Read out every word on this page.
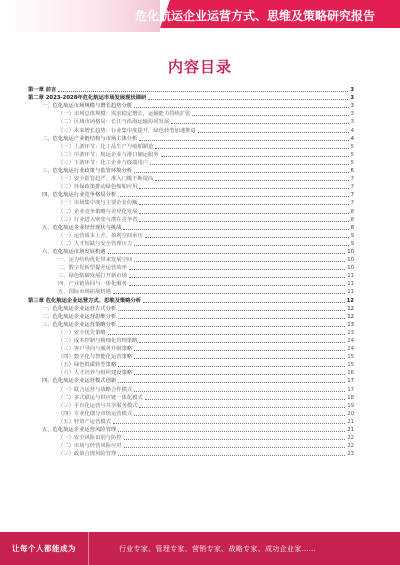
危化航运企业运营方式、思维及策略研究报告
内容目录
第一章 前言	3
第二章 2023-2028年危化航运市场发展现状调研	3
一、危化航运市场规模与增长趋势分析	3
（一）市场总体规模：需求稳定增长，运输能力持续扩张	3
（二）区域市场格局：长江与沿海运输协同发展	3
（三）未来增长趋势：行业集中度提升，绿色转型加速推进	4
二、危化航运产业链结构与市场主体分析	4
（一）上游环节：化工品生产与船舶制造	5
（二）中游环节：航运企业与港口储运服务	5
（三）下游环节：化工企业与终端用户	5
三、危化航运行业政策与监管环境分析	6
（一）安全监管趋严，准入门槛不断提高	7
（二）环保政策推动绿色船舶应用	7
四、危化航运行业竞争格局分析	7
（一）市场集中度与主要企业份额	7
（二）企业竞争策略与差异化发展	8
（三）行业进入壁垒与潜在竞争者	8
五、危化航运企业经营现状与挑战	8
（一）运营成本上升，盈利空间承压	9
（二）人才短缺与安全管理压力	9
六、危化航运市场发展机遇	10
一、运力结构优化带来发展空间	10
二、数字化转型提升运营效率	10
三、绿色低碳发展打开新市场	11
四、产业链协同与一体化服务	11
五、国际市场拓展机遇	11
第三章 危化航运企业运营方式、思维及策略分析	12
一、危化航运企业运营方式分析	12
二、危化航运企业运营思维分析	12
三、危化航运企业运营策略分析	13
（一）安全优先策略	13
（二）成本控制与精细化管理策略	14
（三）客户导向与服务升级策略	14
（四）数字化与智能化运营策略	15
（五）绿色低碳转型策略	15
（六）人才培养与组织建设策略	16
四、危化航运企业运营模式创新	17
（一）联合运营与战略合作模式	17
（二）多式联运与供应链一体化模式	18
（三）平台化运营与共享服务模式	19
（四）专业化细分市场运营模式	20
（五）轻资产运营模式	21
五、危化航运企业运营风险管理	21
（一）安全风险识别与防控	22
（二）市场与经营风险应对	22
（三）政策合规风险管理	23
让每个人都能成为	行业专家、管理专家、营销专家、战略专家、成功企业家……
